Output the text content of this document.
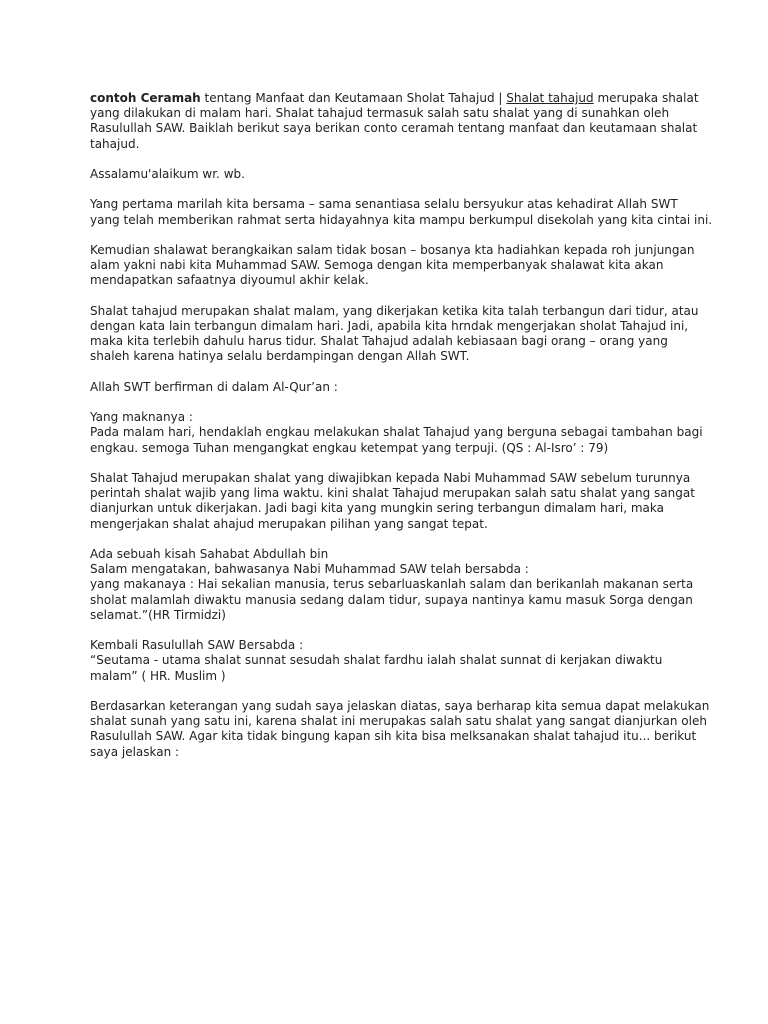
contoh Ceramah tentang Manfaat dan Keutamaan Sholat Tahajud | Shalat tahajud merupaka shalat
yang dilakukan di malam hari. Shalat tahajud termasuk salah satu shalat yang di sunahkan oleh
Rasulullah SAW. Baiklah berikut saya berikan conto ceramah tentang manfaat dan keutamaan shalat
tahajud.

Assalamu'alaikum wr. wb.

Yang pertama marilah kita bersama – sama senantiasa selalu bersyukur atas kehadirat Allah SWT
yang telah memberikan rahmat serta hidayahnya kita mampu berkumpul disekolah yang kita cintai ini.

Kemudian shalawat berangkaikan salam tidak bosan – bosanya kta hadiahkan kepada roh junjungan
alam yakni nabi kita Muhammad SAW. Semoga dengan kita memperbanyak shalawat kita akan
mendapatkan safaatnya diyoumul akhir kelak.

Shalat tahajud merupakan shalat malam, yang dikerjakan ketika kita talah terbangun dari tidur, atau
dengan kata lain terbangun dimalam hari. Jadi, apabila kita hrndak mengerjakan sholat Tahajud ini,
maka kita terlebih dahulu harus tidur. Shalat Tahajud adalah kebiasaan bagi orang – orang yang
shaleh karena hatinya selalu berdampingan dengan Allah SWT.

Allah SWT berfirman di dalam Al-Qur’an :

Yang maknanya :
Pada malam hari, hendaklah engkau melakukan shalat Tahajud yang berguna sebagai tambahan bagi
engkau. semoga Tuhan mengangkat engkau ketempat yang terpuji. (QS : Al-Isro’ : 79)

Shalat Tahajud merupakan shalat yang diwajibkan kepada Nabi Muhammad SAW sebelum turunnya
perintah shalat wajib yang lima waktu. kini shalat Tahajud merupakan salah satu shalat yang sangat
dianjurkan untuk dikerjakan. Jadi bagi kita yang mungkin sering terbangun dimalam hari, maka
mengerjakan shalat ahajud merupakan pilihan yang sangat tepat.

Ada sebuah kisah Sahabat Abdullah bin
Salam mengatakan, bahwasanya Nabi Muhammad SAW telah bersabda :
yang makanaya : Hai sekalian manusia, terus sebarluaskanlah salam dan berikanlah makanan serta
sholat malamlah diwaktu manusia sedang dalam tidur, supaya nantinya kamu masuk Sorga dengan
selamat.”(HR Tirmidzi)

Kembali Rasulullah SAW Bersabda :
“Seutama - utama shalat sunnat sesudah shalat fardhu ialah shalat sunnat di kerjakan diwaktu
malam” ( HR. Muslim )

Berdasarkan keterangan yang sudah saya jelaskan diatas, saya berharap kita semua dapat melakukan
shalat sunah yang satu ini, karena shalat ini merupakas salah satu shalat yang sangat dianjurkan oleh
Rasulullah SAW. Agar kita tidak bingung kapan sih kita bisa melksanakan shalat tahajud itu... berikut
saya jelaskan :
